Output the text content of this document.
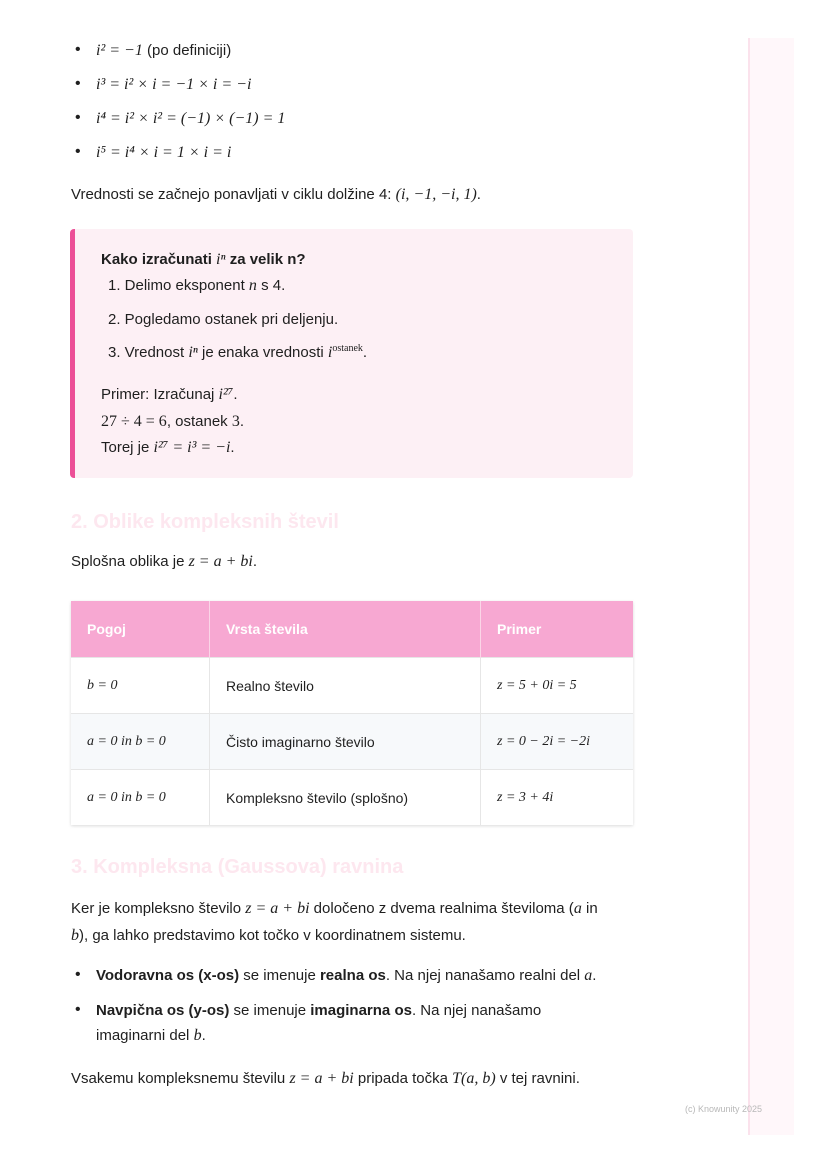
• i² = −1 (po definiciji)
• i³ = i² × i = −1 × i = −i
• i⁴ = i² × i² = (−1) × (−1) = 1
• i⁵ = i⁴ × i = 1 × i = i
Vrednosti se začnejo ponavljati v ciklu dolžine 4: (i, −1, −i, 1).
Kako izračunati iⁿ za velik n?
1. Delimo eksponent n s 4.
2. Pogledamo ostanek pri deljenju.
3. Vrednost iⁿ je enaka vrednosti $i^{ostanek}$.
Primer: Izračunaj i²⁷.
27 ÷ 4 = 6, ostanek 3.
Torej je i²⁷ = i³ = −i.
2. Oblike kompleksnih števil
Splošna oblika je z = a + bi.
Pogoj	Vrsta števila	Primer
b = 0	Realno število	z = 5 + 0i = 5
a = 0 in b = 0	Čisto imaginarno število	z = 0 − 2i = −2i
a = 0 in b = 0	Kompleksno število (splošno)	z = 3 + 4i
3. Kompleksna (Gaussova) ravnina
Ker je kompleksno število z = a + bi določeno z dvema realnima številoma (a in
b), ga lahko predstavimo kot točko v koordinatnem sistemu.
• Vodoravna os (x-os) se imenuje realna os. Na njej nanašamo realni del a.
• Navpična os (y-os) se imenuje imaginarna os. Na njej nanašamo
imaginarni del b.
Vsakemu kompleksnemu številu z = a + bi pripada točka T(a, b) v tej ravnini.
(c) Knowunity 2025
